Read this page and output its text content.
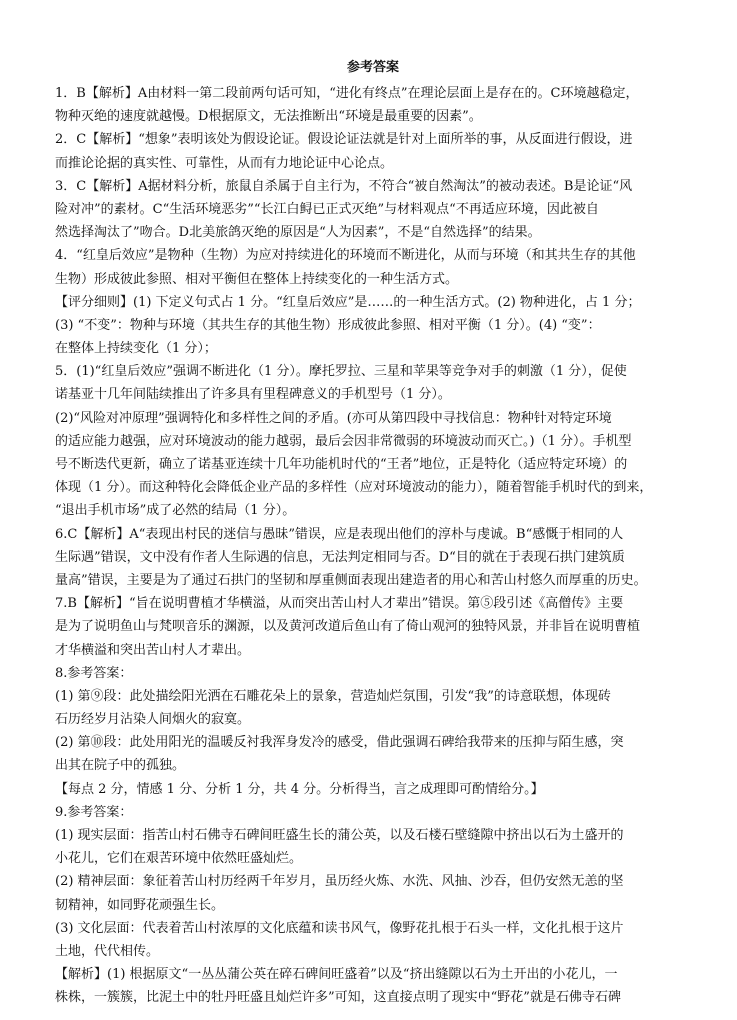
参考答案
1．B【解析】A由材料一第二段前两句话可知，“进化有终点”在理论层面上是存在的。C环境越稳定，
物种灭绝的速度就越慢。D根据原文，无法推断出“环境是最重要的因素”。
2．C【解析】“想象”表明该处为假设论证。假设论证法就是针对上面所举的事，从反面进行假设，进
而推论论据的真实性、可靠性，从而有力地论证中心论点。
3．C【解析】A据材料分析，旅鼠自杀属于自主行为，不符合“被自然淘汰”的被动表述。B是论证“风
险对冲”的素材。C“生活环境恶劣”“长江白鲟已正式灭绝”与材料观点“不再适应环境，因此被自
然选择淘汰了”吻合。D北美旅鸽灭绝的原因是“人为因素”，不是“自然选择”的结果。
4．“红皇后效应”是物种（生物）为应对持续进化的环境而不断进化，从而与环境（和其共生存的其他
生物）形成彼此参照、相对平衡但在整体上持续变化的一种生活方式。
【评分细则】(1) 下定义句式占 1 分。“红皇后效应”是……的一种生活方式。(2) 物种进化，占 1 分；
(3) “不变”：物种与环境（其共生存的其他生物）形成彼此参照、相对平衡（1 分）。(4) “变”：
在整体上持续变化（1 分）；
5．(1)“红皇后效应”强调不断进化（1 分）。摩托罗拉、三星和苹果等竞争对手的刺激（1 分），促使
诺基亚十几年间陆续推出了许多具有里程碑意义的手机型号（1 分）。
(2)“风险对冲原理”强调特化和多样性之间的矛盾。(亦可从第四段中寻找信息：物种针对特定环境
的适应能力越强，应对环境波动的能力越弱，最后会因非常微弱的环境波动而灭亡。)（1 分）。手机型
号不断迭代更新，确立了诺基亚连续十几年功能机时代的“王者”地位，正是特化（适应特定环境）的
体现（1 分）。而这种特化会降低企业产品的多样性（应对环境波动的能力），随着智能手机时代的到来，
“退出手机市场”成了必然的结局（1 分）。
6.C【解析】A“表现出村民的迷信与愚昧”错误，应是表现出他们的淳朴与虔诚。B“感慨于相同的人
生际遇”错误，文中没有作者人生际遇的信息，无法判定相同与否。D“目的就在于表现石拱门建筑质
量高”错误，主要是为了通过石拱门的坚韧和厚重侧面表现出建造者的用心和苦山村悠久而厚重的历史。
7.B【解析】“旨在说明曹植才华横溢，从而突出苦山村人才辈出”错误。第⑤段引述《高僧传》主要
是为了说明鱼山与梵呗音乐的渊源，以及黄河改道后鱼山有了倚山观河的独特风景，并非旨在说明曹植
才华横溢和突出苦山村人才辈出。
8.参考答案：
(1) 第⑨段：此处描绘阳光洒在石雕花朵上的景象，营造灿烂氛围，引发“我”的诗意联想，体现砖
石历经岁月沾染人间烟火的寂寞。
(2) 第⑩段：此处用阳光的温暖反衬我浑身发冷的感受，借此强调石碑给我带来的压抑与陌生感，突
出其在院子中的孤独。
【每点 2 分，情感 1 分、分析 1 分，共 4 分。分析得当，言之成理即可酌情给分。】
9.参考答案：
(1) 现实层面：指苦山村石佛寺石碑间旺盛生长的蒲公英，以及石楼石壁缝隙中挤出以石为土盛开的
小花儿，它们在艰苦环境中依然旺盛灿烂。
(2) 精神层面：象征着苦山村历经两千年岁月，虽历经火炼、水洗、风抽、沙吞，但仍安然无恙的坚
韧精神，如同野花顽强生长。
(3) 文化层面：代表着苦山村浓厚的文化底蕴和读书风气，像野花扎根于石头一样，文化扎根于这片
土地，代代相传。
【解析】(1) 根据原文“一丛丛蒲公英在碎石碑间旺盛着”以及“挤出缝隙以石为土开出的小花儿，一
株株，一簇簇，比泥土中的牡丹旺盛且灿烂许多”可知，这直接点明了现实中“野花”就是石佛寺石碑
